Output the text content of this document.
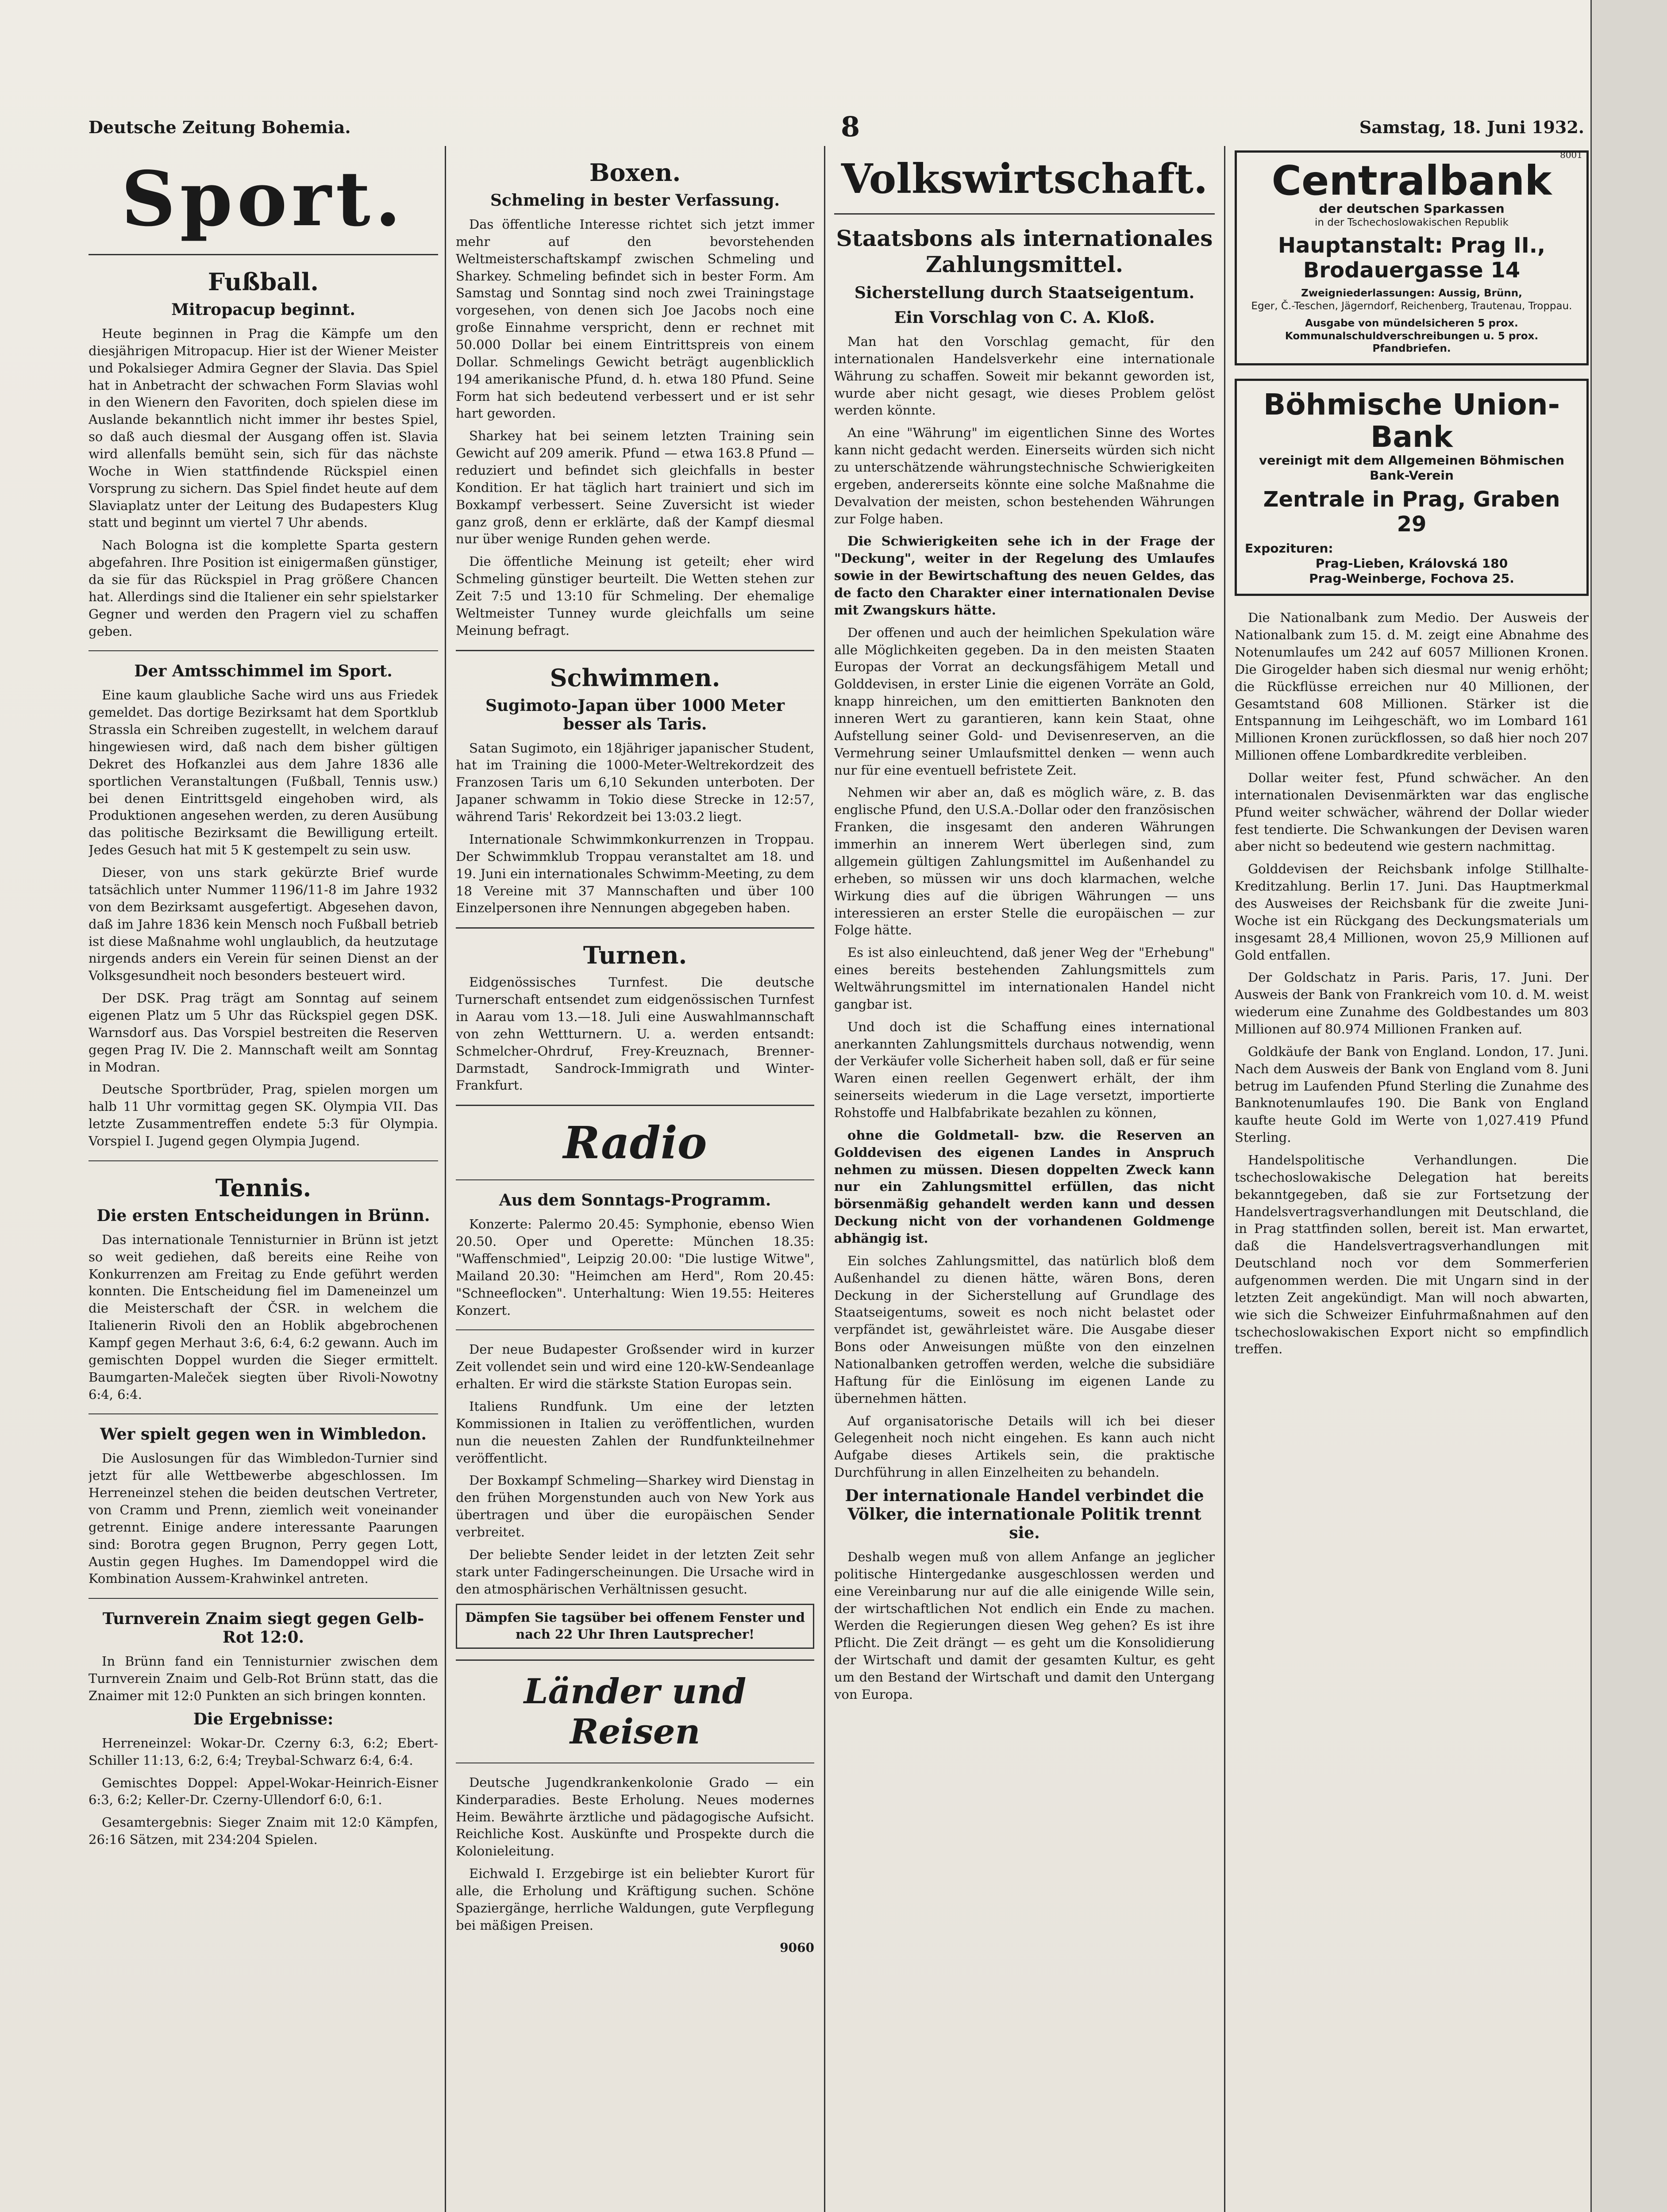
Deutsche Zeitung Bohemia.	8	Samstag, 18. Juni 1932.
Sport.
Fußball.
Mitropacup beginnt.

Heute beginnen in Prag die Kämpfe um den diesjährigen Mitropacup. Hier ist der Wiener Meister und Pokalsieger Admira Gegner der Slavia. Das Spiel hat in Anbetracht der schwachen Form Slavias wohl in den Wienern den Favoriten, doch spielen diese im Auslande bekanntlich nicht immer ihr bestes Spiel, so daß auch diesmal der Ausgang offen ist. Slavia wird allenfalls bemüht sein, sich für das nächste Woche in Wien stattfindende Rückspiel einen Vorsprung zu sichern. Das Spiel findet heute auf dem Slaviaplatz unter der Leitung des Budapesters Klug statt und beginnt um viertel 7 Uhr abends.

Nach Bologna ist die komplette Sparta gestern abgefahren. Ihre Position ist einigermaßen günstiger, da sie für das Rückspiel in Prag größere Chancen hat. Allerdings sind die Italiener ein sehr spielstarker Gegner und werden den Pragern viel zu schaffen geben.

Der Amtsschimmel im Sport.

Eine kaum glaubliche Sache wird uns aus Friedek gemeldet. Das dortige Bezirksamt hat dem Sportklub Strassla ein Schreiben zugestellt, in welchem darauf hingewiesen wird, daß nach dem bisher gültigen Dekret des Hofkanzlei aus dem Jahre 1836 alle sportlichen Veranstaltungen (Fußball, Tennis usw.) bei denen Eintrittsgeld eingehoben wird, als Produktionen angesehen werden, zu deren Ausübung das politische Bezirksamt die Bewilligung erteilt. Jedes Gesuch hat mit 5 K gestempelt zu sein usw.

Dieser, von uns stark gekürzte Brief wurde tatsächlich unter Nummer 1196/11-8 im Jahre 1932 von dem Bezirksamt ausgefertigt. Abgesehen davon, daß im Jahre 1836 kein Mensch noch Fußball betrieb ist diese Maßnahme wohl unglaublich, da heutzutage nirgends anders ein Verein für seinen Dienst an der Volksgesundheit noch besonders besteuert wird.

Der DSK. Prag trägt am Sonntag auf seinem eigenen Platz um 5 Uhr das Rückspiel gegen DSK. Warnsdorf aus. Das Vorspiel bestreiten die Reserven gegen Prag IV. Die 2. Mannschaft weilt am Sonntag in Modran.

Deutsche Sportbrüder, Prag, spielen morgen um halb 11 Uhr vormittag gegen SK. Olympia VII. Das letzte Zusammentreffen endete 5:3 für Olympia. Vorspiel I. Jugend gegen Olympia Jugend.

Tennis.
Die ersten Entscheidungen in Brünn.

Das internationale Tennisturnier in Brünn ist jetzt so weit gediehen, daß bereits eine Reihe von Konkurrenzen am Freitag zu Ende geführt werden konnten. Die Entscheidung fiel im Dameneinzel um die Meisterschaft der ČSR. in welchem die Italienerin Rivoli den an Hoblik abgebrochenen Kampf gegen Merhaut 3:6, 6:4, 6:2 gewann. Auch im gemischten Doppel wurden die Sieger ermittelt. Baumgarten-Maleček siegten über Rivoli-Nowotny 6:4, 6:4.

Wer spielt gegen wen in Wimbledon.

Die Auslosungen für das Wimbledon-Turnier sind jetzt für alle Wettbewerbe abgeschlossen. Im Herreneinzel stehen die beiden deutschen Vertreter, von Cramm und Prenn, ziemlich weit voneinander getrennt. Einige andere interessante Paarungen sind: Borotra gegen Brugnon, Perry gegen Lott, Austin gegen Hughes. Im Damendoppel wird die Kombination Aussem-Krahwinkel antreten.

Turnverein Znaim siegt gegen Gelb-Rot 12:0.

In Brünn fand ein Tennisturnier zwischen dem Turnverein Znaim und Gelb-Rot Brünn statt, das die Znaimer mit 12:0 Punkten an sich bringen konnten.

Die Ergebnisse:

Herreneinzel: Wokar-Dr. Czerny 6:3, 6:2; Ebert-Schiller 11:13, 6:2, 6:4; Treybal-Schwarz 6:4, 6:4.

Gemischtes Doppel: Appel-Wokar-Heinrich-Eisner 6:3, 6:2; Keller-Dr. Czerny-Ullendorf 6:0, 6:1.

Gesamtergebnis: Sieger Znaim mit 12:0 Kämpfen, 26:16 Sätzen, mit 234:204 Spielen.

Boxen.
Schmeling in bester Verfassung.

Das öffentliche Interesse richtet sich jetzt immer mehr auf den bevorstehenden Weltmeisterschaftskampf zwischen Schmeling und Sharkey. Schmeling befindet sich in bester Form. Am Samstag und Sonntag sind noch zwei Trainingstage vorgesehen, von denen sich Joe Jacobs noch eine große Einnahme verspricht, denn er rechnet mit 50.000 Dollar bei einem Eintrittspreis von einem Dollar. Schmelings Gewicht beträgt augenblicklich 194 amerikanische Pfund, d. h. etwa 180 Pfund. Seine Form hat sich bedeutend verbessert und er ist sehr hart geworden.

Sharkey hat bei seinem letzten Training sein Gewicht auf 209 amerik. Pfund — etwa 163.8 Pfund — reduziert und befindet sich gleichfalls in bester Kondition. Er hat täglich hart trainiert und sich im Boxkampf verbessert. Seine Zuversicht ist wieder ganz groß, denn er erklärte, daß der Kampf diesmal nur über wenige Runden gehen werde.

Die öffentliche Meinung ist geteilt; eher wird Schmeling günstiger beurteilt. Die Wetten stehen zur Zeit 7:5 und 13:10 für Schmeling. Der ehemalige Weltmeister Tunney wurde gleichfalls um seine Meinung befragt.

Schwimmen.
Sugimoto-Japan über 1000 Meter besser als Taris.

Satan Sugimoto, ein 18jähriger japanischer Student, hat im Training die 1000-Meter-Weltrekordzeit des Franzosen Taris um 6,10 Sekunden unterboten. Der Japaner schwamm in Tokio diese Strecke in 12:57, während Taris' Rekordzeit bei 13:03.2 liegt.

Internationale Schwimmkonkurrenzen in Troppau. Der Schwimmklub Troppau veranstaltet am 18. und 19. Juni ein internationales Schwimm-Meeting, zu dem 18 Vereine mit 37 Mannschaften und über 100 Einzelpersonen ihre Nennungen abgegeben haben.

Turnen.

Eidgenössisches Turnfest. Die deutsche Turnerschaft entsendet zum eidgenössischen Turnfest in Aarau vom 13.—18. Juli eine Auswahlmannschaft von zehn Wettturnern. U. a. werden entsandt: Schmelcher-Ohrdruf, Frey-Kreuznach, Brenner-Darmstadt, Sandrock-Immigrath und Winter-Frankfurt.

Radio
Aus dem Sonntags-Programm.

Konzerte: Palermo 20.45: Symphonie, ebenso Wien 20.50. Oper und Operette: München 18.35: "Waffenschmied", Leipzig 20.00: "Die lustige Witwe", Mailand 20.30: "Heimchen am Herd", Rom 20.45: "Schneeflocken". Unterhaltung: Wien 19.55: Heiteres Konzert.

Der neue Budapester Großsender wird in kurzer Zeit vollendet sein und wird eine 120-kW-Sendeanlage erhalten. Er wird die stärkste Station Europas sein.

Italiens Rundfunk. Um eine der letzten Kommissionen in Italien zu veröffentlichen, wurden nun die neuesten Zahlen der Rundfunkteilnehmer veröffentlicht.

Der Boxkampf Schmeling—Sharkey wird Dienstag in den frühen Morgenstunden auch von New York aus übertragen und über die europäischen Sender verbreitet.

Der beliebte Sender leidet in der letzten Zeit sehr stark unter Fadingerscheinungen. Die Ursache wird in den atmosphärischen Verhältnissen gesucht.

Dämpfen Sie tagsüber bei offenem Fenster und nach 22 Uhr Ihren Lautsprecher!
Länder und Reisen

Deutsche Jugendkrankenkolonie Grado — ein Kinderparadies. Beste Erholung. Neues modernes Heim. Bewährte ärztliche und pädagogische Aufsicht. Reichliche Kost. Auskünfte und Prospekte durch die Kolonieleitung.

Eichwald I. Erzgebirge ist ein beliebter Kurort für alle, die Erholung und Kräftigung suchen. Schöne Spaziergänge, herrliche Waldungen, gute Verpflegung bei mäßigen Preisen.

9060

Volkswirtschaft.
Staatsbons als internationales Zahlungsmittel.
Sicherstellung durch Staatseigentum.
Ein Vorschlag von C. A. Kloß.

Man hat den Vorschlag gemacht, für den internationalen Handelsverkehr eine internationale Währung zu schaffen. Soweit mir bekannt geworden ist, wurde aber nicht gesagt, wie dieses Problem gelöst werden könnte.

An eine "Währung" im eigentlichen Sinne des Wortes kann nicht gedacht werden. Einerseits würden sich nicht zu unterschätzende währungstechnische Schwierigkeiten ergeben, andererseits könnte eine solche Maßnahme die Devalvation der meisten, schon bestehenden Währungen zur Folge haben.

Die Schwierigkeiten sehe ich in der Frage der "Deckung", weiter in der Regelung des Umlaufes sowie in der Bewirtschaftung des neuen Geldes, das de facto den Charakter einer internationalen Devise mit Zwangskurs hätte.

Der offenen und auch der heimlichen Spekulation wäre alle Möglichkeiten gegeben. Da in den meisten Staaten Europas der Vorrat an deckungsfähigem Metall und Golddevisen, in erster Linie die eigenen Vorräte an Gold, knapp hinreichen, um den emittierten Banknoten den inneren Wert zu garantieren, kann kein Staat, ohne Aufstellung seiner Gold- und Devisenreserven, an die Vermehrung seiner Umlaufsmittel denken — wenn auch nur für eine eventuell befristete Zeit.

Nehmen wir aber an, daß es möglich wäre, z. B. das englische Pfund, den U.S.A.-Dollar oder den französischen Franken, die insgesamt den anderen Währungen immerhin an innerem Wert überlegen sind, zum allgemein gültigen Zahlungsmittel im Außenhandel zu erheben, so müssen wir uns doch klarmachen, welche Wirkung dies auf die übrigen Währungen — uns interessieren an erster Stelle die europäischen — zur Folge hätte.

Es ist also einleuchtend, daß jener Weg der "Erhebung" eines bereits bestehenden Zahlungsmittels zum Weltwährungsmittel im internationalen Handel nicht gangbar ist.

Und doch ist die Schaffung eines international anerkannten Zahlungsmittels durchaus notwendig, wenn der Verkäufer volle Sicherheit haben soll, daß er für seine Waren einen reellen Gegenwert erhält, der ihm seinerseits wiederum in die Lage versetzt, importierte Rohstoffe und Halbfabrikate bezahlen zu können,

ohne die Goldmetall- bzw. die Reserven an Golddevisen des eigenen Landes in Anspruch nehmen zu müssen. Diesen doppelten Zweck kann nur ein Zahlungsmittel erfüllen, das nicht börsenmäßig gehandelt werden kann und dessen Deckung nicht von der vorhandenen Goldmenge abhängig ist.

Ein solches Zahlungsmittel, das natürlich bloß dem Außenhandel zu dienen hätte, wären Bons, deren Deckung in der Sicherstellung auf Grundlage des Staatseigentums, soweit es noch nicht belastet oder verpfändet ist, gewährleistet wäre. Die Ausgabe dieser Bons oder Anweisungen müßte von den einzelnen Nationalbanken getroffen werden, welche die subsidiäre Haftung für die Einlösung im eigenen Lande zu übernehmen hätten.

Auf organisatorische Details will ich bei dieser Gelegenheit noch nicht eingehen. Es kann auch nicht Aufgabe dieses Artikels sein, die praktische Durchführung in allen Einzelheiten zu behandeln.

Der internationale Handel verbindet die Völker, die internationale Politik trennt sie.

Deshalb wegen muß von allem Anfange an jeglicher politische Hintergedanke ausgeschlossen werden und eine Vereinbarung nur auf die alle einigende Wille sein, der wirtschaftlichen Not endlich ein Ende zu machen. Werden die Regierungen diesen Weg gehen? Es ist ihre Pflicht. Die Zeit drängt — es geht um die Konsolidierung der Wirtschaft und damit der gesamten Kultur, es geht um den Bestand der Wirtschaft und damit den Untergang von Europa.

8001
Centralbank
der deutschen Sparkassen
in der Tschechoslowakischen Republik
Hauptanstalt: Prag II., Brodauergasse 14
Zweigniederlassungen: Aussig, Brünn,
Eger, Č.-Teschen, Jägerndorf, Reichenberg, Trautenau, Troppau.
Ausgabe von mündelsicheren 5 prox. Kommunalschuldverschreibungen u. 5 prox. Pfandbriefen.
Böhmische Union-Bank
vereinigt mit dem Allgemeinen Böhmischen Bank-Verein
Zentrale in Prag, Graben 29
Expozituren:
Prag-Lieben, Královská 180
Prag-Weinberge, Fochova 25.

Die Nationalbank zum Medio. Der Ausweis der Nationalbank zum 15. d. M. zeigt eine Abnahme des Notenumlaufes um 242 auf 6057 Millionen Kronen. Die Girogelder haben sich diesmal nur wenig erhöht; die Rückflüsse erreichen nur 40 Millionen, der Gesamtstand 608 Millionen. Stärker ist die Entspannung im Leihgeschäft, wo im Lombard 161 Millionen Kronen zurückflossen, so daß hier noch 207 Millionen offene Lombardkredite verbleiben.

Dollar weiter fest, Pfund schwächer. An den internationalen Devisenmärkten war das englische Pfund weiter schwächer, während der Dollar wieder fest tendierte. Die Schwankungen der Devisen waren aber nicht so bedeutend wie gestern nachmittag.

Golddevisen der Reichsbank infolge Stillhalte-Kreditzahlung. Berlin 17. Juni. Das Hauptmerkmal des Ausweises der Reichsbank für die zweite Juni-Woche ist ein Rückgang des Deckungsmaterials um insgesamt 28,4 Millionen, wovon 25,9 Millionen auf Gold entfallen.

Der Goldschatz in Paris. Paris, 17. Juni. Der Ausweis der Bank von Frankreich vom 10. d. M. weist wiederum eine Zunahme des Goldbestandes um 803 Millionen auf 80.974 Millionen Franken auf.

Goldkäufe der Bank von England. London, 17. Juni. Nach dem Ausweis der Bank von England vom 8. Juni betrug im Laufenden Pfund Sterling die Zunahme des Banknotenumlaufes 190. Die Bank von England kaufte heute Gold im Werte von 1,027.419 Pfund Sterling.

Handelspolitische Verhandlungen. Die tschechoslowakische Delegation hat bereits bekanntgegeben, daß sie zur Fortsetzung der Handelsvertragsverhandlungen mit Deutschland, die in Prag stattfinden sollen, bereit ist. Man erwartet, daß die Handelsvertragsverhandlungen mit Deutschland noch vor dem Sommerferien aufgenommen werden. Die mit Ungarn sind in der letzten Zeit angekündigt. Man will noch abwarten, wie sich die Schweizer Einfuhrmaßnahmen auf den tschechoslowakischen Export nicht so empfindlich treffen.
